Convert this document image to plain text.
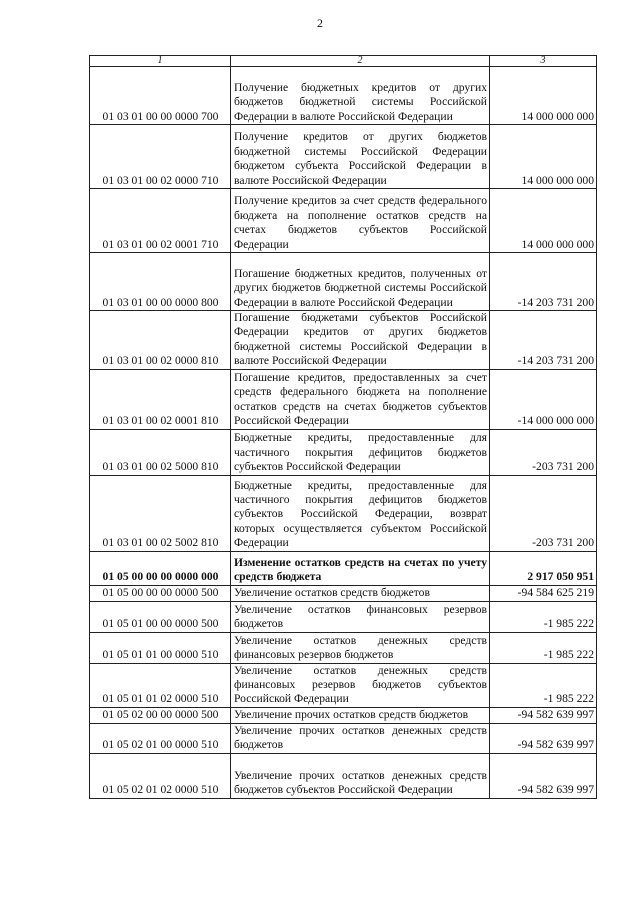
2
1	2	3
01 03 01 00 00 0000 700	Получение бюджетных кредитов от других бюджетов бюджетной системы Российской Федерации в валюте Российской Федерации	14 000 000 000
01 03 01 00 02 0000 710	Получение кредитов от других бюджетов бюджетной системы Российской Федерации бюджетом субъекта Российской Федерации в валюте Российской Федерации	14 000 000 000
01 03 01 00 02 0001 710	Получение кредитов за счет средств федерального бюджета на пополнение остатков средств на счетах бюджетов субъектов Российской Федерации	14 000 000 000
01 03 01 00 00 0000 800	Погашение бюджетных кредитов, полученных от других бюджетов бюджетной системы Российской Федерации в валюте Российской Федерации	-14 203 731 200
01 03 01 00 02 0000 810	Погашение бюджетами субъектов Российской Федерации кредитов от других бюджетов бюджетной системы Российской Федерации в валюте Российской Федерации	-14 203 731 200
01 03 01 00 02 0001 810	Погашение кредитов, предоставленных за счет средств федерального бюджета на пополнение остатков средств на счетах бюджетов субъектов Российской Федерации	-14 000 000 000
01 03 01 00 02 5000 810	Бюджетные кредиты, предоставленные для частичного покрытия дефицитов бюджетов субъектов Российской Федерации	-203 731 200
01 03 01 00 02 5002 810	Бюджетные кредиты, предоставленные для частичного покрытия дефицитов бюджетов субъектов Российской Федерации, возврат которых осуществляется субъектом Российской Федерации	-203 731 200
01 05 00 00 00 0000 000	Изменение остатков средств на счетах по учету средств бюджета	2 917 050 951
01 05 00 00 00 0000 500	Увеличение остатков средств бюджетов	-94 584 625 219
01 05 01 00 00 0000 500	Увеличение остатков финансовых резервов бюджетов	-1 985 222
01 05 01 01 00 0000 510	Увеличение остатков денежных средств финансовых резервов бюджетов	-1 985 222
01 05 01 01 02 0000 510	Увеличение остатков денежных средств финансовых резервов бюджетов субъектов Российской Федерации	-1 985 222
01 05 02 00 00 0000 500	Увеличение прочих остатков средств бюджетов	-94 582 639 997
01 05 02 01 00 0000 510	Увеличение прочих остатков денежных средств бюджетов	-94 582 639 997
01 05 02 01 02 0000 510	Увеличение прочих остатков денежных средств бюджетов субъектов Российской Федерации	-94 582 639 997
